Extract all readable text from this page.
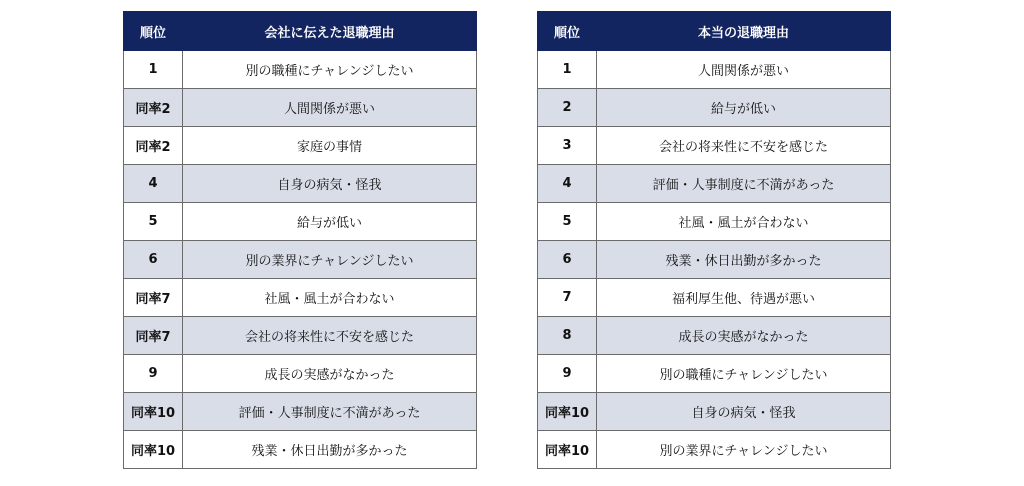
順位	会社に伝えた退職理由
1	別の職種にチャレンジしたい
同率2	人間関係が悪い
同率2	家庭の事情
4	自身の病気・怪我
5	給与が低い
6	別の業界にチャレンジしたい
同率7	社風・風土が合わない
同率7	会社の将来性に不安を感じた
9	成長の実感がなかった
同率10	評価・人事制度に不満があった
同率10	残業・休日出勤が多かった
順位	本当の退職理由
1	人間関係が悪い
2	給与が低い
3	会社の将来性に不安を感じた
4	評価・人事制度に不満があった
5	社風・風土が合わない
6	残業・休日出勤が多かった
7	福利厚生他、待遇が悪い
8	成長の実感がなかった
9	別の職種にチャレンジしたい
同率10	自身の病気・怪我
同率10	別の業界にチャレンジしたい
